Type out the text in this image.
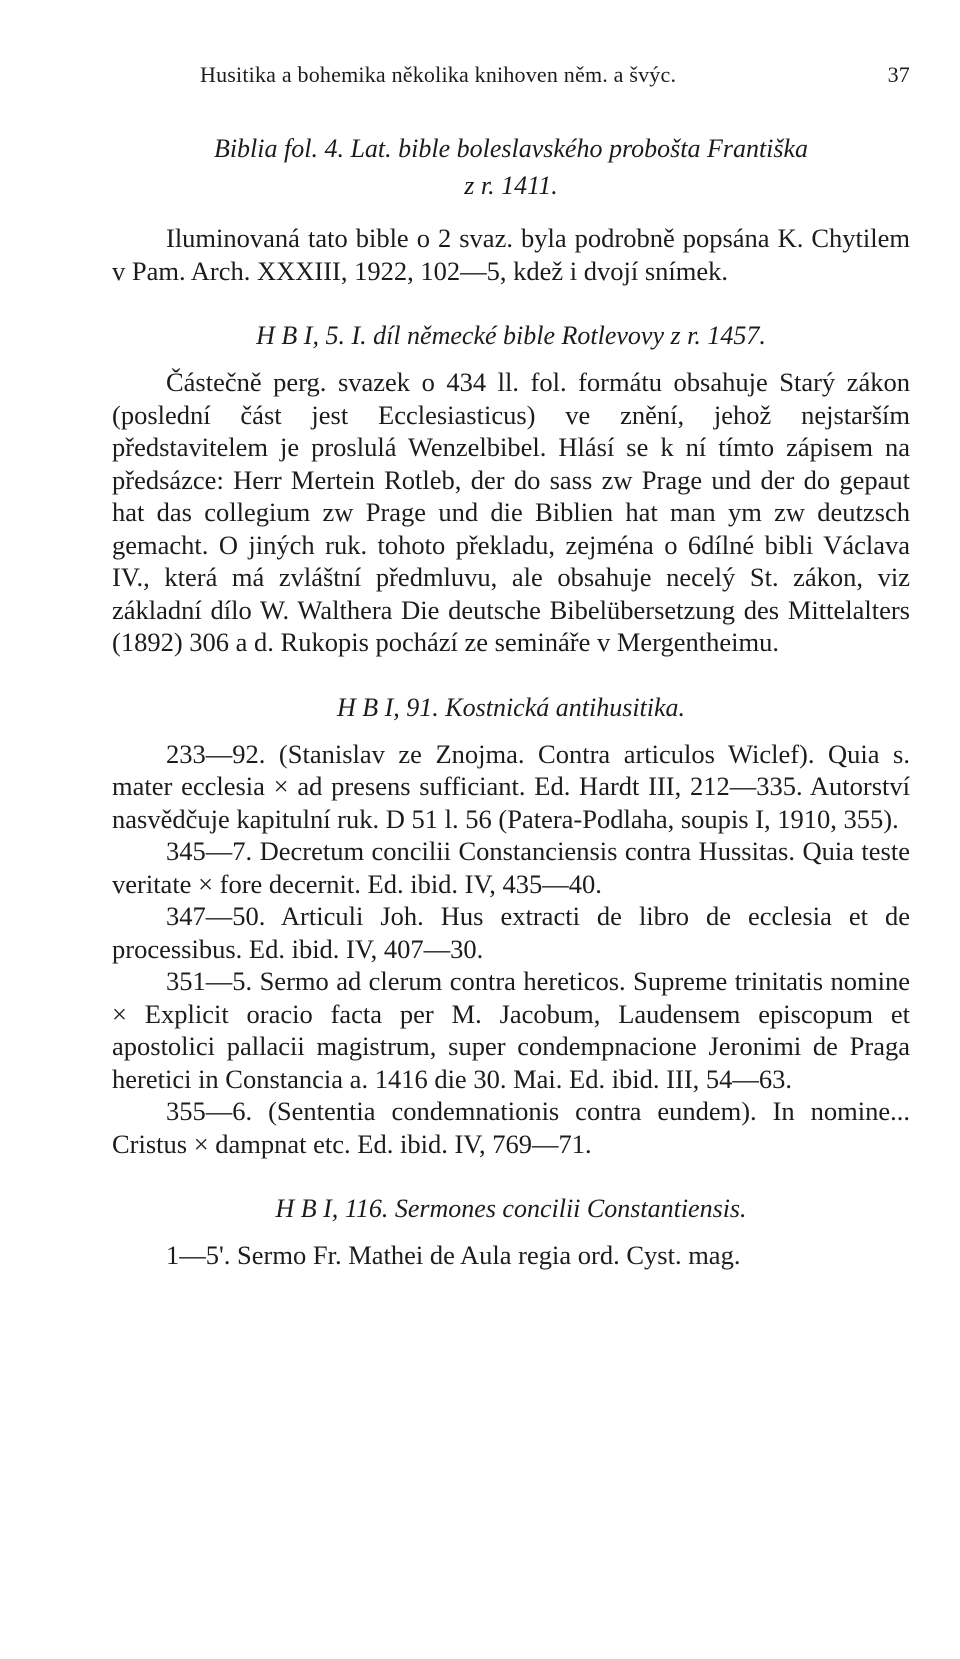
Husitika a bohemika několika knihoven něm. a švýc.	37

Biblia fol. 4. Lat. bible boleslavského probošta Františka
z r. 1411.

Iluminovaná tato bible o 2 svaz. byla podrobně popsána K. Chytilem v Pam. Arch. XXXIII, 1922, 102—5, kdež i dvojí snímek.

H B I, 5. I. díl německé bible Rotlevovy z r. 1457.

Částečně perg. svazek o 434 ll. fol. formátu obsahuje Starý zákon (poslední část jest Ecclesiasticus) ve znění, jehož nejstarším představitelem je proslulá Wenzelbibel. Hlásí se k ní tímto zápisem na předsázce: Herr Mertein Rotleb, der do sass zw Prage und der do gepaut hat das collegium zw Prage und die Biblien hat man ym zw deutzsch gemacht. O jiných ruk. tohoto překladu, zejména o 6dílné bibli Václava IV., která má zvláštní předmluvu, ale obsahuje necelý St. zákon, viz základní dílo W. Walthera Die deutsche Bibelübersetzung des Mittelalters (1892) 306 a d. Rukopis pochází ze semináře v Mergentheimu.

H B I, 91. Kostnická antihusitika.

233—92. (Stanislav ze Znojma. Contra articulos Wiclef). Quia s. mater ecclesia × ad presens sufficiant. Ed. Hardt III, 212—335. Autorství nasvědčuje kapitulní ruk. D 51 l. 56 (Patera-Podlaha, soupis I, 1910, 355).

345—7. Decretum concilii Constanciensis contra Hussitas. Quia teste veritate × fore decernit. Ed. ibid. IV, 435—40.

347—50. Articuli Joh. Hus extracti de libro de ecclesia et de processibus. Ed. ibid. IV, 407—30.

351—5. Sermo ad clerum contra hereticos. Supreme trinitatis nomine × Explicit oracio facta per M. Jacobum, Laudensem episcopum et apostolici pallacii magistrum, super condempnacione Jeronimi de Praga heretici in Constancia a. 1416 die 30. Mai. Ed. ibid. III, 54—63.

355—6. (Sententia condemnationis contra eundem). In nomine... Cristus × dampnat etc. Ed. ibid. IV, 769—71.

H B I, 116. Sermones concilii Constantiensis.

1—5'. Sermo Fr. Mathei de Aula regia ord. Cyst. mag.
